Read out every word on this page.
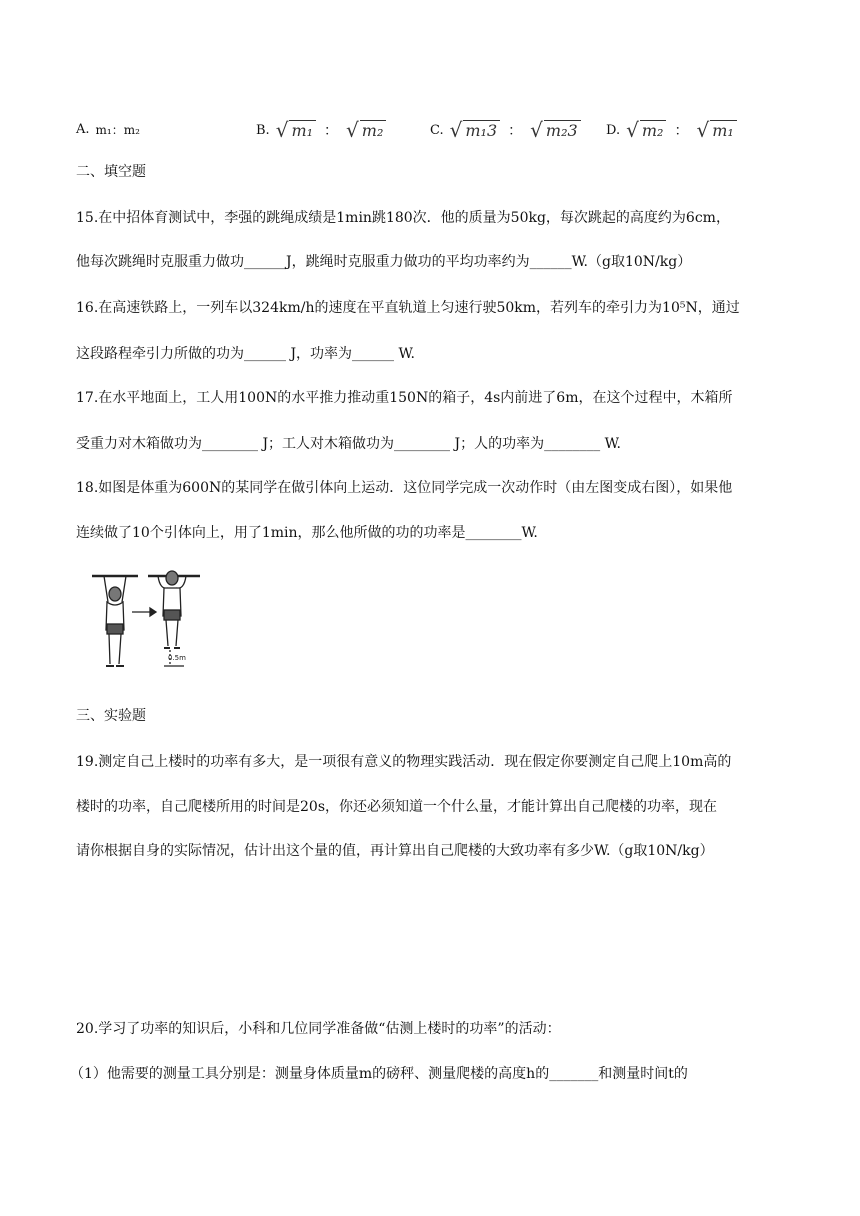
A. m₁：m₂	B. √ m₁ ： √ m₂	C. √ m₁3 ： √ m₂3 D. √ m₂ ： √ m₁
二、填空题
15.在中招体育测试中，李强的跳绳成绩是1min跳180次．他的质量为50kg，每次跳起的高度约为6cm，
他每次跳绳时克服重力做功______J，跳绳时克服重力做功的平均功率约为______W.（g取10N/kg）
16.在高速铁路上，一列车以324km/h的速度在平直轨道上匀速行驶50km，若列车的牵引力为10⁵N，通过
这段路程牵引力所做的功为______ J，功率为______ W.
17.在水平地面上，工人用100N的水平推力推动重150N的箱子，4s内前进了6m，在这个过程中，木箱所
受重力对木箱做功为________ J；工人对木箱做功为________ J；人的功率为________ W.
18.如图是体重为600N的某同学在做引体向上运动．这位同学完成一次动作时（由左图变成右图），如果他
连续做了10个引体向上，用了1min，那么他所做的功的功率是________W.
0.5m
三、实验题
19.测定自己上楼时的功率有多大，是一项很有意义的物理实践活动．现在假定你要测定自己爬上10m高的
楼时的功率，自己爬楼所用的时间是20s，你还必须知道一个什么量，才能计算出自己爬楼的功率，现在
请你根据自身的实际情况，估计出这个量的值，再计算出自己爬楼的大致功率有多少W.（g取10N/kg）
20.学习了功率的知识后，小科和几位同学准备做“估测上楼时的功率”的活动：
（1）他需要的测量工具分别是：测量身体质量m的磅秤、测量爬楼的高度h的_______和测量时间t的
